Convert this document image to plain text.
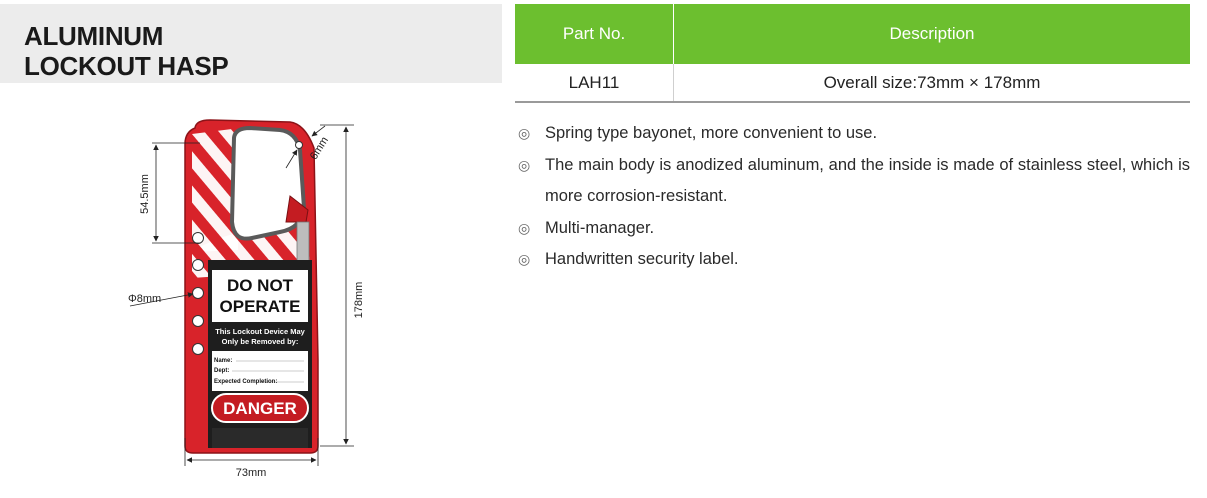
ALUMINUM
LOCKOUT HASP
Part No.	Description
LAH11	Overall size:73mm × 178mm
◎ Spring type bayonet, more convenient to use.
◎ The main body is anodized aluminum, and the inside is made of stainless steel, which is more corrosion-resistant.
◎ Multi-manager.
◎ Handwritten security label.
DO NOT
OPERATE
This Lockout Device May
Only be Removed by:
Name:
Dept:
Expected Completion:
DANGER
54.5mm
6mm
Φ8mm	178mm
73mm
